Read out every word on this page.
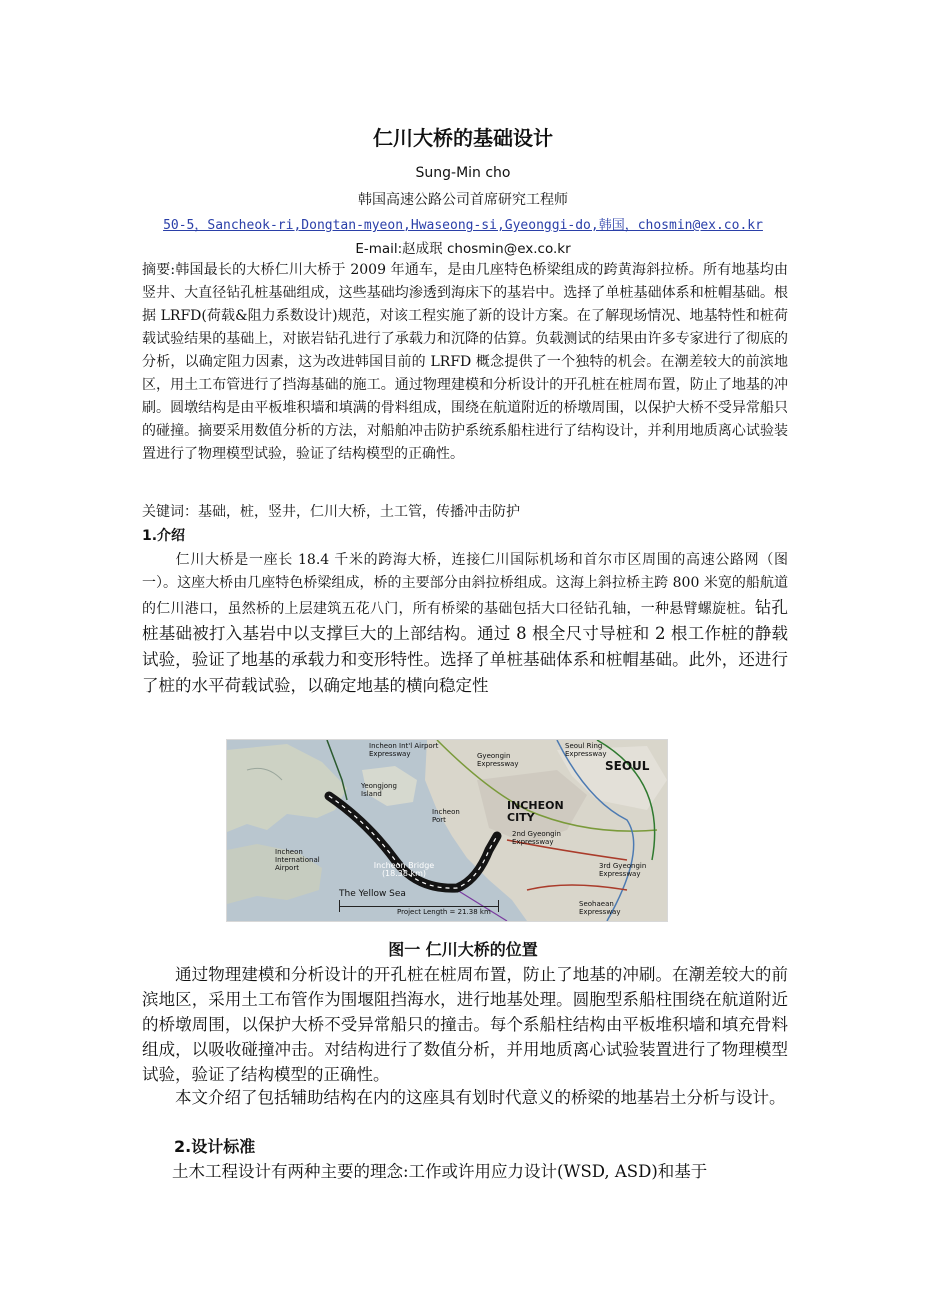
仁川大桥的基础设计
Sung-Min cho
韩国高速公路公司首席研究工程师
50-5，Sancheok-ri,Dongtan-myeon,Hwaseong-si,Gyeonggi-do,韩国，chosmin@ex.co.kr
E-mail:赵成珉 chosmin@ex.co.kr
摘要:韩国最长的大桥仁川大桥于 2009 年通车，是由几座特色桥梁组成的跨黄海斜拉桥。所有地基均由竖井、大直径钻孔桩基础组成，这些基础均渗透到海床下的基岩中。选择了单桩基础体系和桩帽基础。根据 LRFD(荷载&阻力系数设计)规范，对该工程实施了新的设计方案。在了解现场情况、地基特性和桩荷载试验结果的基础上，对嵌岩钻孔进行了承载力和沉降的估算。负载测试的结果由许多专家进行了彻底的分析，以确定阻力因素，这为改进韩国目前的 LRFD 概念提供了一个独特的机会。在潮差较大的前滨地区，用土工布管进行了挡海基础的施工。通过物理建模和分析设计的开孔桩在桩周布置，防止了地基的冲刷。圆墩结构是由平板堆积墙和填满的骨料组成，围绕在航道附近的桥墩周围，以保护大桥不受异常船只的碰撞。摘要采用数值分析的方法，对船舶冲击防护系统系船柱进行了结构设计，并利用地质离心试验装置进行了物理模型试验，验证了结构模型的正确性。
关键词：基础，桩，竖井，仁川大桥，土工管，传播冲击防护
1.介绍
仁川大桥是一座长 18.4 千米的跨海大桥，连接仁川国际机场和首尔市区周围的高速公路网（图一）。这座大桥由几座特色桥梁组成，桥的主要部分由斜拉桥组成。这海上斜拉桥主跨 800 米宽的船航道的仁川港口，虽然桥的上层建筑五花八门，所有桥梁的基础包括大口径钻孔轴，一种悬臂螺旋桩。钻孔桩基础被打入基岩中以支撑巨大的上部结构。通过 8 根全尺寸导桩和 2 根工作桩的静载试验，验证了地基的承载力和变形特性。选择了单桩基础体系和桩帽基础。此外，还进行了桩的水平荷载试验，以确定地基的横向稳定性
Incheon Int'l Airport Expressway
Yeongjong Island
Incheon Port
Incheon International Airport	Incheon Bridge (18.38 km)
The Yellow Sea
Project Length = 21.38 km
Gyeongin Expressway
Seoul Ring Expressway
SEOUL
INCHEON CITY
2nd Gyeongin Expressway
3rd Gyeongin Expressway
Seohaean Expressway
图一 仁川大桥的位置
通过物理建模和分析设计的开孔桩在桩周布置，防止了地基的冲刷。在潮差较大的前滨地区，采用土工布管作为围堰阻挡海水，进行地基处理。圆胞型系船柱围绕在航道附近的桥墩周围，以保护大桥不受异常船只的撞击。每个系船柱结构由平板堆积墙和填充骨料组成，以吸收碰撞冲击。对结构进行了数值分析，并用地质离心试验装置进行了物理模型试验，验证了结构模型的正确性。
本文介绍了包括辅助结构在内的这座具有划时代意义的桥梁的地基岩土分析与设计。
2.设计标准
土木工程设计有两种主要的理念:工作或许用应力设计(WSD, ASD)和基于
